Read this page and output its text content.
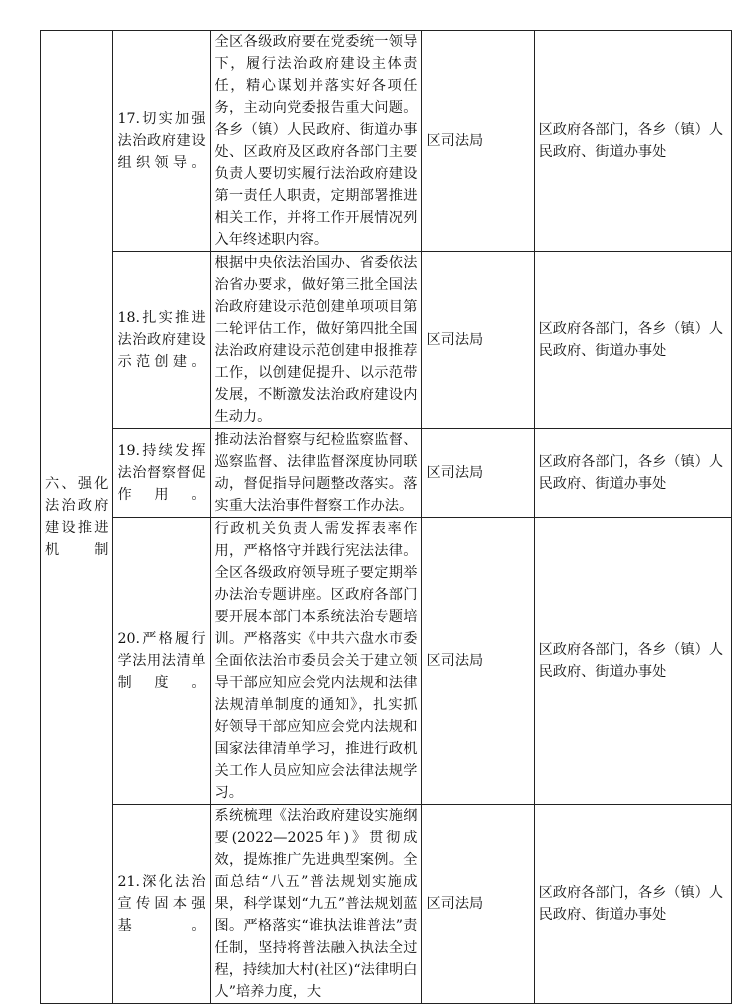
六、强化法治政府建设推进机制	17.切实加强法治政府建设组织领导。	全区各级政府要在党委统一领导下，履行法治政府建设主体责任，精心谋划并落实好各项任务，主动向党委报告重大问题。各乡（镇）人民政府、街道办事处、区政府及区政府各部门主要负责人要切实履行法治政府建设第一责任人职责，定期部署推进相关工作，并将工作开展情况列入年终述职内容。	区司法局	区政府各部门，各乡（镇）人民政府、街道办事处
	18.扎实推进法治政府建设示范创建。	根据中央依法治国办、省委依法治省办要求，做好第三批全国法治政府建设示范创建单项项目第二轮评估工作，做好第四批全国法治政府建设示范创建申报推荐工作，以创建促提升、以示范带发展，不断激发法治政府建设内生动力。	区司法局	区政府各部门，各乡（镇）人民政府、街道办事处
	19.持续发挥法治督察督促作用。	推动法治督察与纪检监察监督、巡察监督、法律监督深度协同联动，督促指导问题整改落实。落实重大法治事件督察工作办法。	区司法局	区政府各部门，各乡（镇）人民政府、街道办事处
	20.严格履行学法用法清单制度。	行政机关负责人需发挥表率作用，严格恪守并践行宪法法律。全区各级政府领导班子要定期举办法治专题讲座。区政府各部门要开展本部门本系统法治专题培训。严格落实《中共六盘水市委全面依法治市委员会关于建立领导干部应知应会党内法规和法律法规清单制度的通知》，扎实抓好领导干部应知应会党内法规和国家法律清单学习，推进行政机关工作人员应知应会法律法规学习。	区司法局	区政府各部门，各乡（镇）人民政府、街道办事处
	21.深化法治宣传固本强基。	系统梳理《法治政府建设实施纲要(2022—2025年)》贯彻成效，提炼推广先进典型案例。全面总结“八五”普法规划实施成果，科学谋划“九五”普法规划蓝图。严格落实“谁执法谁普法”责任制，坚持将普法融入执法全过程，持续加大村(社区)“法律明白人”培养力度，大	区司法局	区政府各部门，各乡（镇）人民政府、街道办事处
